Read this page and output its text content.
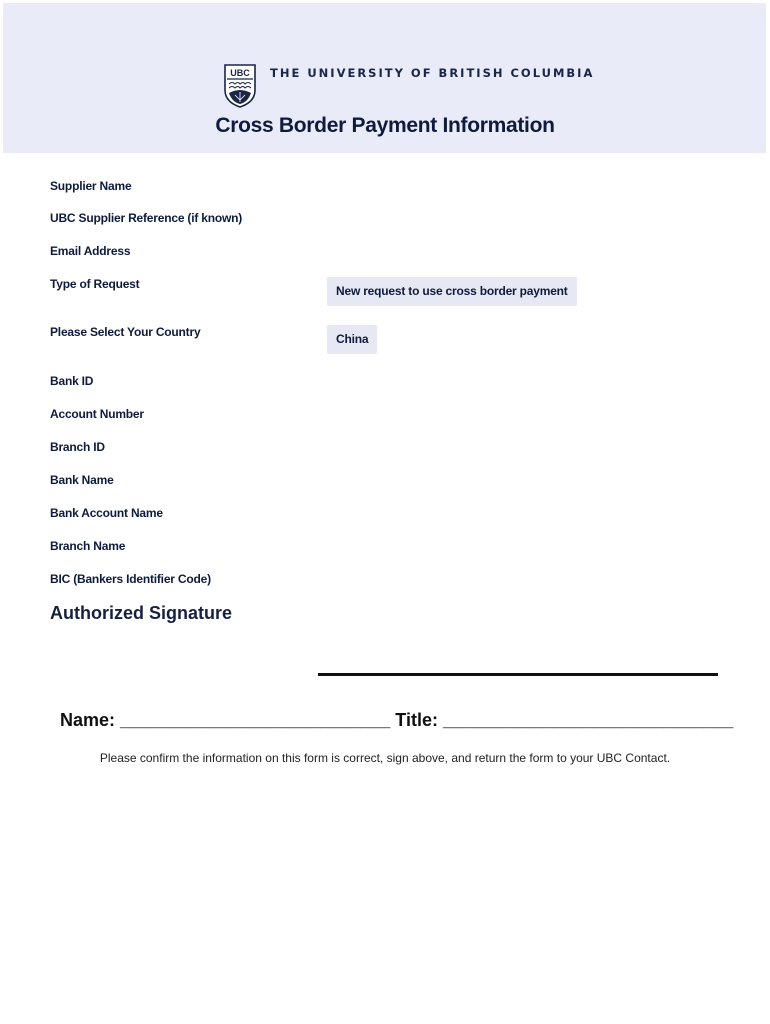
UBC THE UNIVERSITY OF BRITISH COLUMBIA
Cross Border Payment Information
Supplier Name
UBC Supplier Reference (if known)
Email Address
Type of Request	New request to use cross border payment
Please Select Your Country	China
Bank ID
Account Number
Branch ID
Bank Name
Bank Account Name
Branch Name
BIC (Bankers Identifier Code)
Authorized Signature
Name: ___________________________ Title: _____________________________
Please confirm the information on this form is correct, sign above, and return the form to your UBC Contact.
